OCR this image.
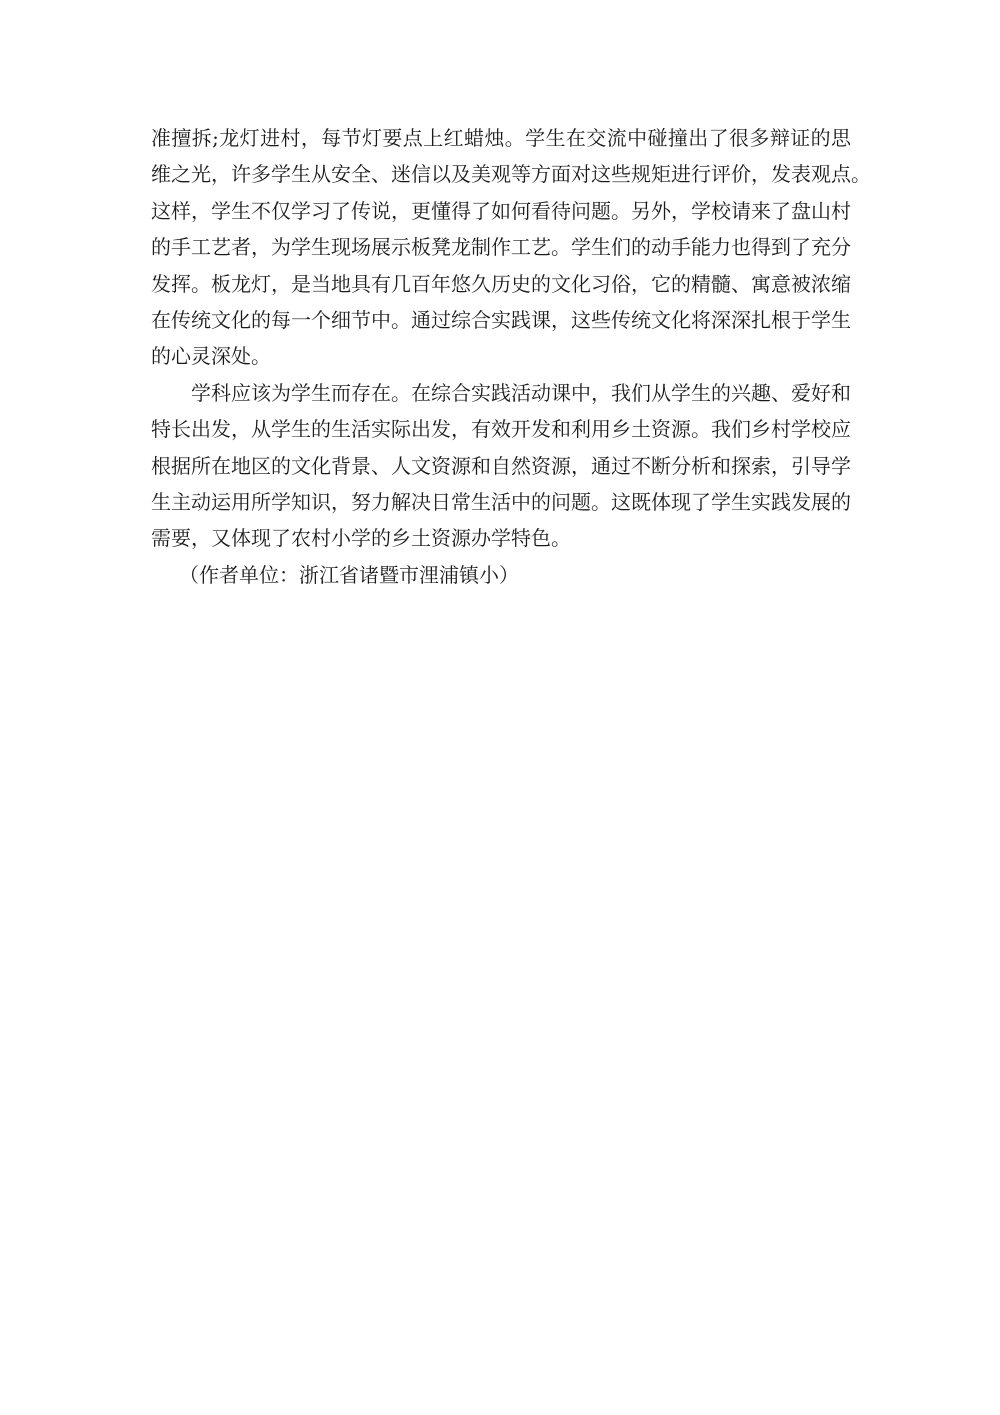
准擅拆;龙灯进村，每节灯要点上红蜡烛。学生在交流中碰撞出了很多辩证的思
维之光，许多学生从安全、迷信以及美观等方面对这些规矩进行评价，发表观点。
这样，学生不仅学习了传说，更懂得了如何看待问题。另外，学校请来了盘山村
的手工艺者，为学生现场展示板凳龙制作工艺。学生们的动手能力也得到了充分
发挥。板龙灯，是当地具有几百年悠久历史的文化习俗，它的精髓、寓意被浓缩
在传统文化的每一个细节中。通过综合实践课，这些传统文化将深深扎根于学生
的心灵深处。
学科应该为学生而存在。在综合实践活动课中，我们从学生的兴趣、爱好和
特长出发，从学生的生活实际出发，有效开发和利用乡土资源。我们乡村学校应
根据所在地区的文化背景、人文资源和自然资源，通过不断分析和探索，引导学
生主动运用所学知识，努力解决日常生活中的问题。这既体现了学生实践发展的
需要，又体现了农村小学的乡土资源办学特色。
（作者单位：浙江省诸暨市浬浦镇小）
